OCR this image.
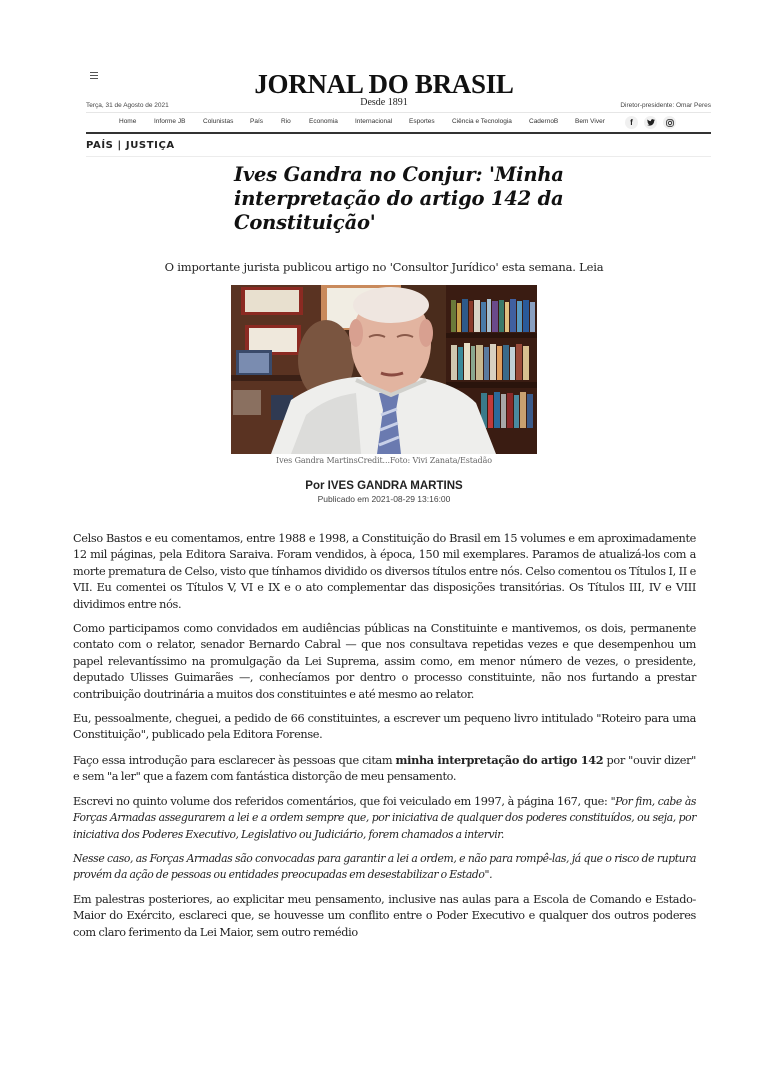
JORNAL DO BRASIL
Desde 1891
Terça, 31 de Agosto de 2021	Diretor-presidente: Omar Peres
Home	Informe JB	Colunistas	País	Rio	Economia	Internacional	Esportes	Ciência e Tecnologia	CadernoB	Bem Viver	f
PAÍS | JUSTIÇA
Ives Gandra no Conjur: 'Minha interpretação do artigo 142 da Constituição'
O importante jurista publicou artigo no 'Consultor Jurídico' esta semana. Leia
Ives Gandra MartinsCredit...Foto: Vivi Zanata/Estadão
Por IVES GANDRA MARTINS
Publicado em 2021-08-29 13:16:00

Celso Bastos e eu comentamos, entre 1988 e 1998, a Constituição do Brasil em 15 volumes e em aproximadamente 12 mil páginas, pela Editora Saraiva. Foram vendidos, à época, 150 mil exemplares. Paramos de atualizá-los com a morte prematura de Celso, visto que tínhamos dividido os diversos títulos entre nós. Celso comentou os Títulos I, II e VII. Eu comentei os Títulos V, VI e IX e o ato complementar das disposições transitórias. Os Títulos III, IV e VIII dividimos entre nós.

Como participamos como convidados em audiências públicas na Constituinte e mantivemos, os dois, permanente contato com o relator, senador Bernardo Cabral — que nos consultava repetidas vezes e que desempenhou um papel relevantíssimo na promulgação da Lei Suprema, assim como, em menor número de vezes, o presidente, deputado Ulisses Guimarães —, conhecíamos por dentro o processo constituinte, não nos furtando a prestar contribuição doutrinária a muitos dos constituintes e até mesmo ao relator.

Eu, pessoalmente, cheguei, a pedido de 66 constituintes, a escrever um pequeno livro intitulado "Roteiro para uma Constituição", publicado pela Editora Forense.

Faço essa introdução para esclarecer às pessoas que citam minha interpretação do artigo 142 por "ouvir dizer" e sem "a ler" que a fazem com fantástica distorção de meu pensamento.

Escrevi no quinto volume dos referidos comentários, que foi veiculado em 1997, à página 167, que: "Por fim, cabe às Forças Armadas assegurarem a lei e a ordem sempre que, por iniciativa de qualquer dos poderes constituídos, ou seja, por iniciativa dos Poderes Executivo, Legislativo ou Judiciário, forem chamados a intervir.

Nesse caso, as Forças Armadas são convocadas para garantir a lei a ordem, e não para rompê-las, já que o risco de ruptura provém da ação de pessoas ou entidades preocupadas em desestabilizar o Estado".

Em palestras posteriores, ao explicitar meu pensamento, inclusive nas aulas para a Escola de Comando e Estado-Maior do Exército, esclareci que, se houvesse um conflito entre o Poder Executivo e qualquer dos outros poderes com claro ferimento da Lei Maior, sem outro remédio
